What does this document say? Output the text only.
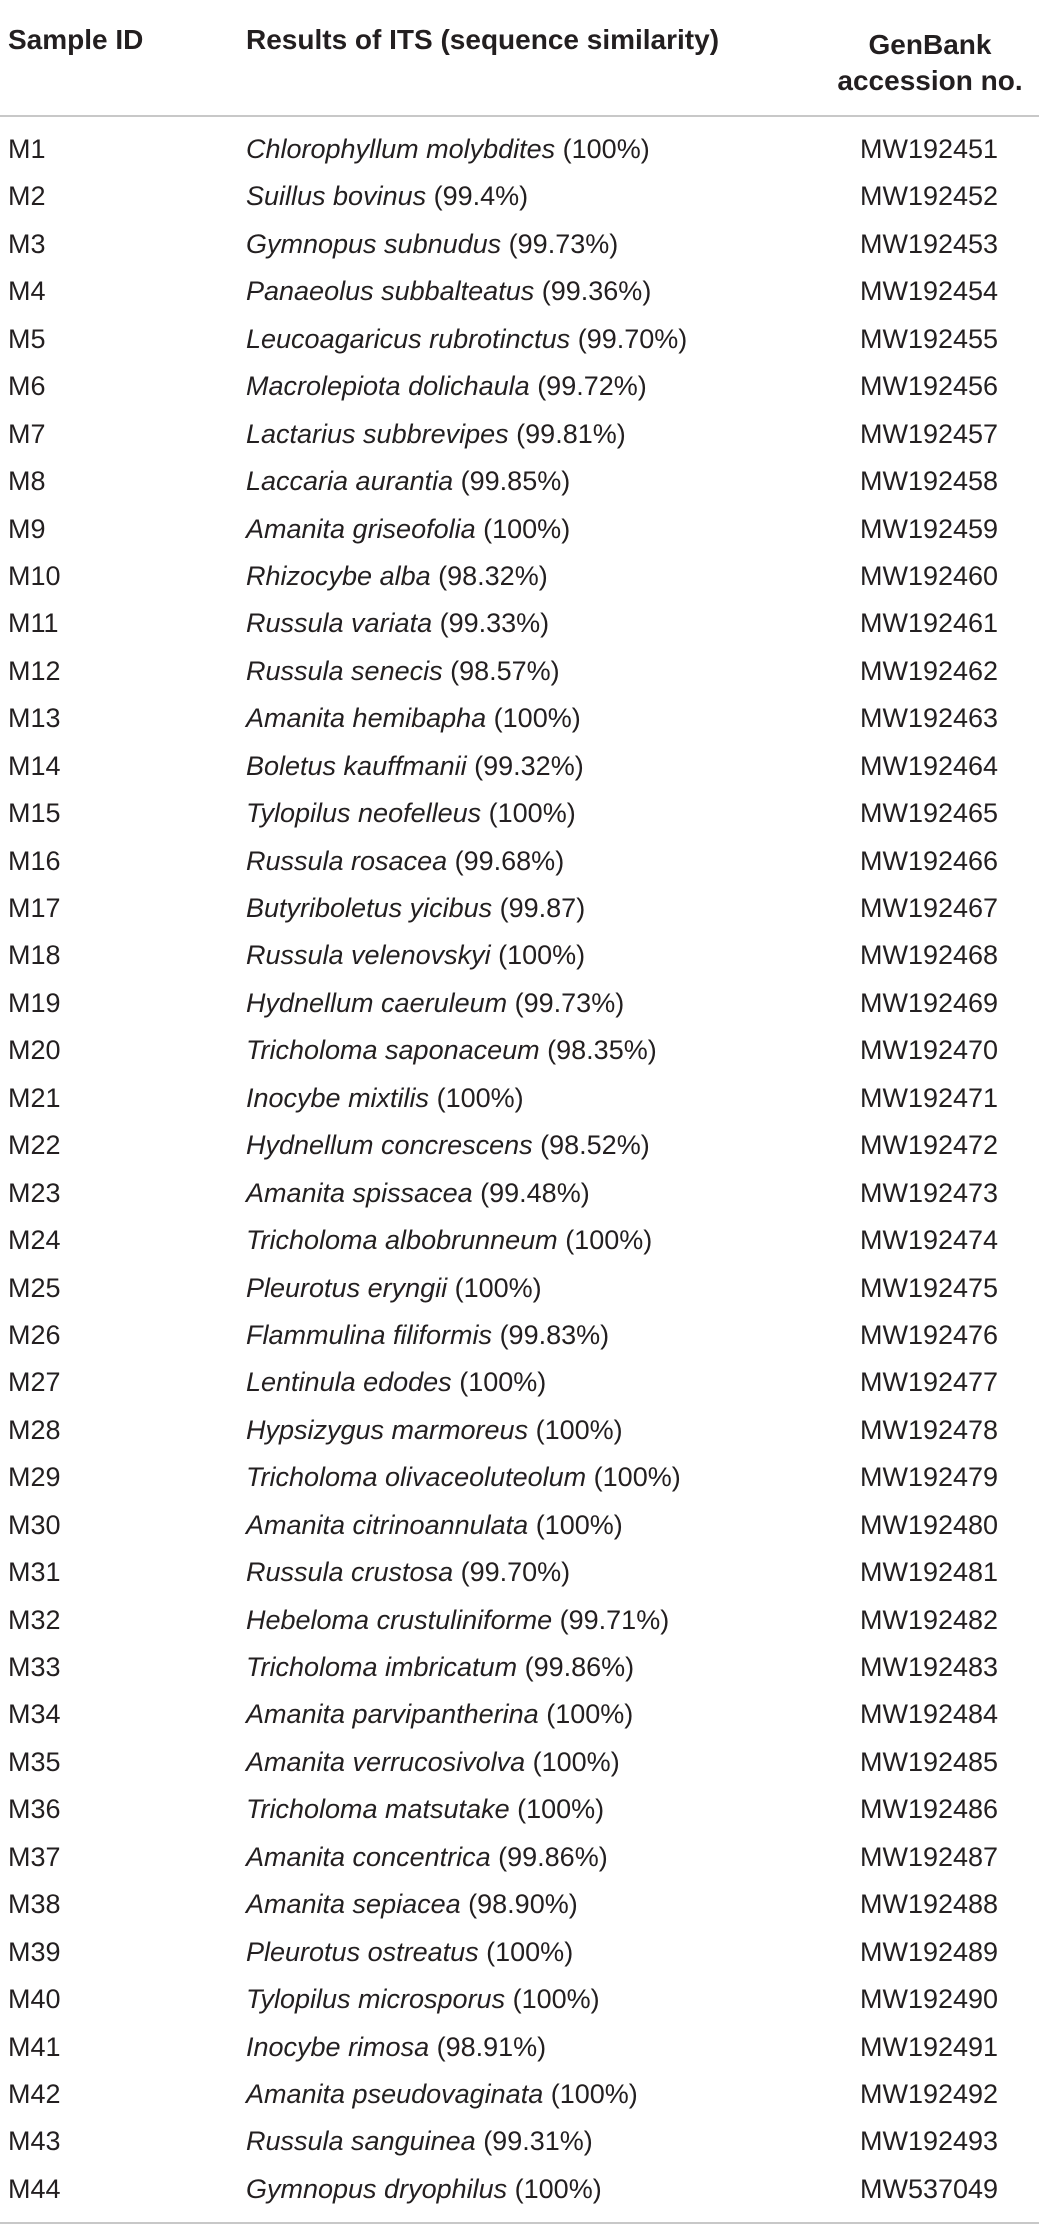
Sample ID	Results of ITS (sequence similarity)	GenBank
accession no.
M1	Chlorophyllum molybdites (100%)	MW192451
M2	Suillus bovinus (99.4%)	MW192452
M3	Gymnopus subnudus (99.73%)	MW192453
M4	Panaeolus subbalteatus (99.36%)	MW192454
M5	Leucoagaricus rubrotinctus (99.70%)	MW192455
M6	Macrolepiota dolichaula (99.72%)	MW192456
M7	Lactarius subbrevipes (99.81%)	MW192457
M8	Laccaria aurantia (99.85%)	MW192458
M9	Amanita griseofolia (100%)	MW192459
M10	Rhizocybe alba (98.32%)	MW192460
M11	Russula variata (99.33%)	MW192461
M12	Russula senecis (98.57%)	MW192462
M13	Amanita hemibapha (100%)	MW192463
M14	Boletus kauffmanii (99.32%)	MW192464
M15	Tylopilus neofelleus (100%)	MW192465
M16	Russula rosacea (99.68%)	MW192466
M17	Butyriboletus yicibus (99.87)	MW192467
M18	Russula velenovskyi (100%)	MW192468
M19	Hydnellum caeruleum (99.73%)	MW192469
M20	Tricholoma saponaceum (98.35%)	MW192470
M21	Inocybe mixtilis (100%)	MW192471
M22	Hydnellum concrescens (98.52%)	MW192472
M23	Amanita spissacea (99.48%)	MW192473
M24	Tricholoma albobrunneum (100%)	MW192474
M25	Pleurotus eryngii (100%)	MW192475
M26	Flammulina filiformis (99.83%)	MW192476
M27	Lentinula edodes (100%)	MW192477
M28	Hypsizygus marmoreus (100%)	MW192478
M29	Tricholoma olivaceoluteolum (100%)	MW192479
M30	Amanita citrinoannulata (100%)	MW192480
M31	Russula crustosa (99.70%)	MW192481
M32	Hebeloma crustuliniforme (99.71%)	MW192482
M33	Tricholoma imbricatum (99.86%)	MW192483
M34	Amanita parvipantherina (100%)	MW192484
M35	Amanita verrucosivolva (100%)	MW192485
M36	Tricholoma matsutake (100%)	MW192486
M37	Amanita concentrica (99.86%)	MW192487
M38	Amanita sepiacea (98.90%)	MW192488
M39	Pleurotus ostreatus (100%)	MW192489
M40	Tylopilus microsporus (100%)	MW192490
M41	Inocybe rimosa (98.91%)	MW192491
M42	Amanita pseudovaginata (100%)	MW192492
M43	Russula sanguinea (99.31%)	MW192493
M44	Gymnopus dryophilus (100%)	MW537049
